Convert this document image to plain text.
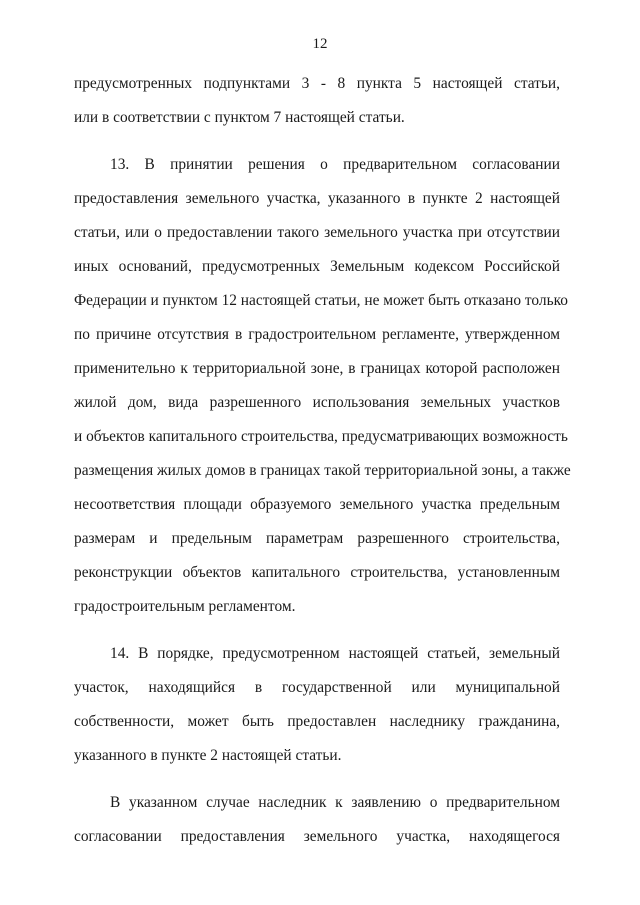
12
предусмотренных подпунктами 3 - 8 пункта 5 настоящей статьи,
или в соответствии с пунктом 7 настоящей статьи.
13. В принятии решения о предварительном согласовании
предоставления земельного участка, указанного в пункте 2 настоящей
статьи, или о предоставлении такого земельного участка при отсутствии
иных оснований, предусмотренных Земельным кодексом Российской
Федерации и пунктом 12 настоящей статьи, не может быть отказано только
по причине отсутствия в градостроительном регламенте, утвержденном
применительно к территориальной зоне, в границах которой расположен
жилой дом, вида разрешенного использования земельных участков
и объектов капитального строительства, предусматривающих возможность
размещения жилых домов в границах такой территориальной зоны, а также
несоответствия площади образуемого земельного участка предельным
размерам и предельным параметрам разрешенного строительства,
реконструкции объектов капитального строительства, установленным
градостроительным регламентом.
14. В порядке, предусмотренном настоящей статьей, земельный
участок, находящийся в государственной или муниципальной
собственности, может быть предоставлен наследнику гражданина,
указанного в пункте 2 настоящей статьи.
В указанном случае наследник к заявлению о предварительном
согласовании предоставления земельного участка, находящегося
